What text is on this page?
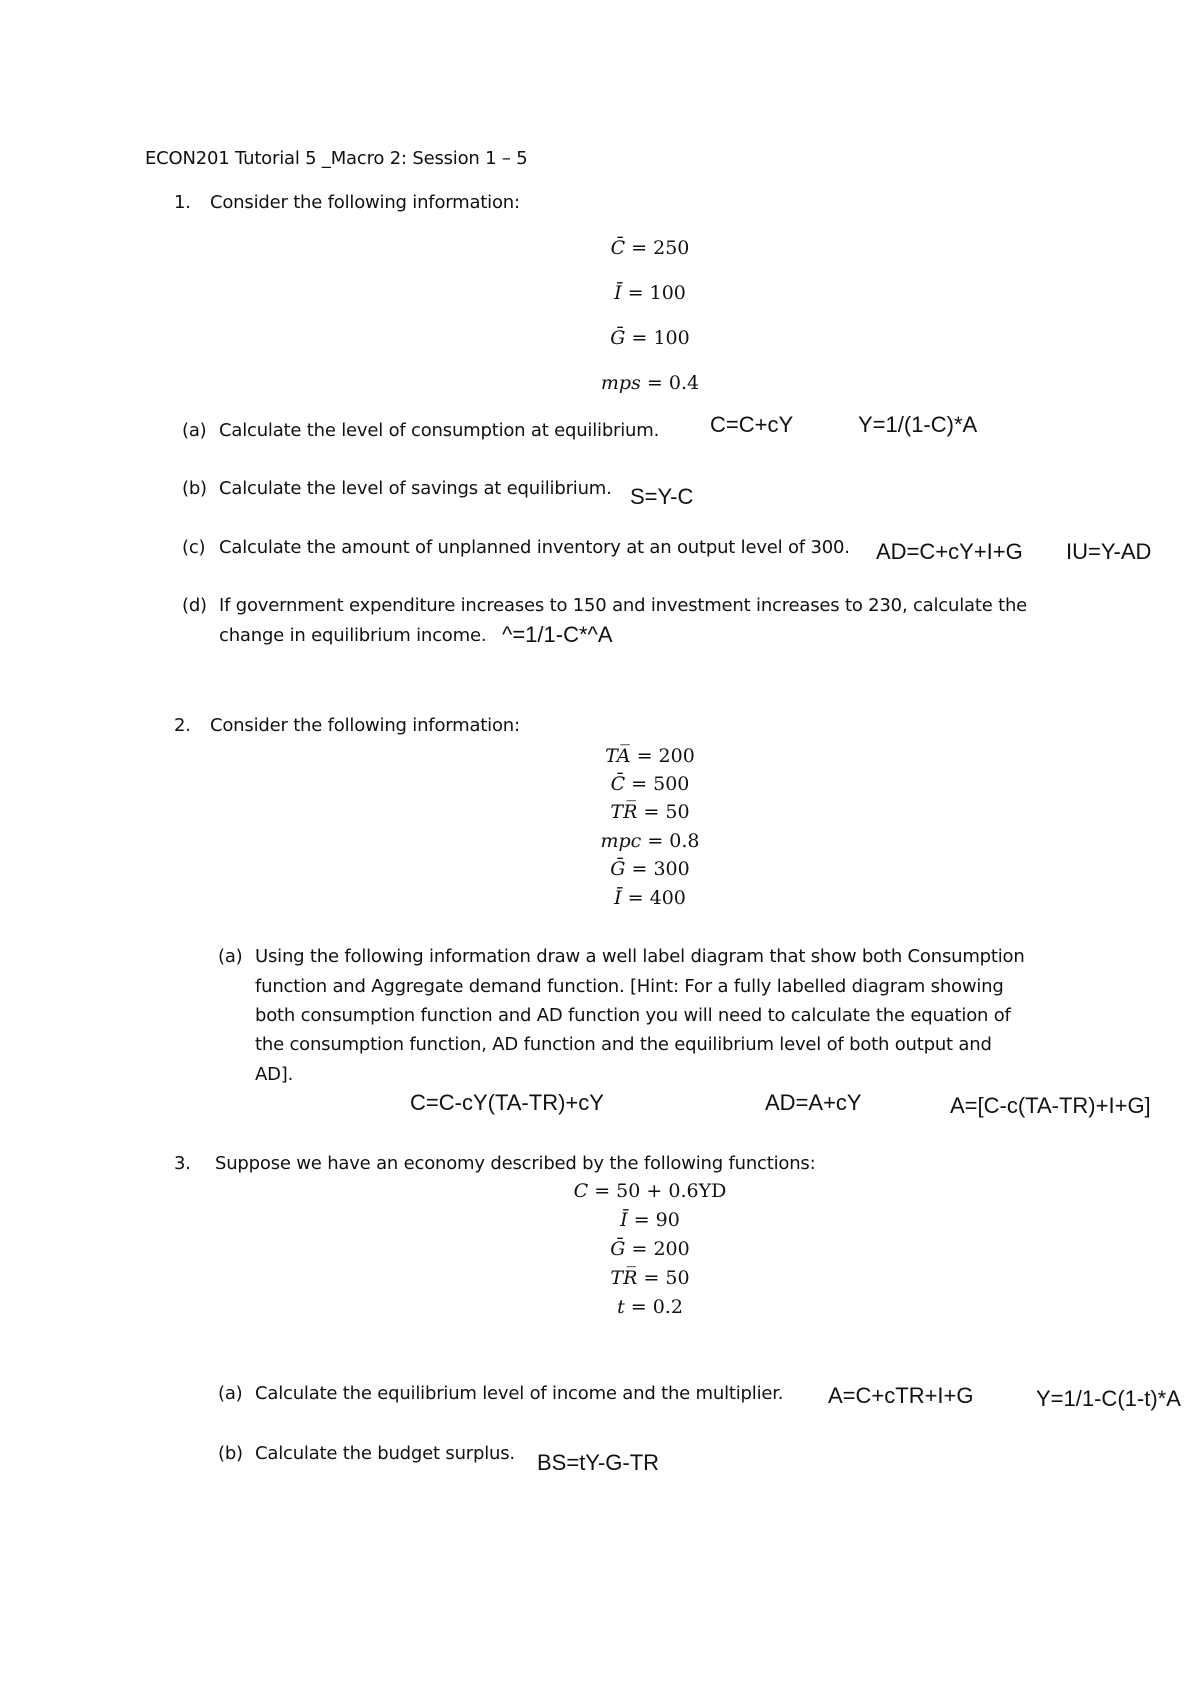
ECON201 Tutorial 5 _Macro 2: Session 1 – 5
1. Consider the following information:
C̄ = 250
Ī = 100
Ḡ = 100
mps = 0.4
(a) Calculate the level of consumption at equilibrium. C=C+cY	Y=1/(1-C)*A
(b) Calculate the level of savings at equilibrium. S=Y-C
(c) Calculate the amount of unplanned inventory at an output level of 300. AD=C+cY+I+G IU=Y-AD
(d) If government expenditure increases to 150 and investment increases to 230, calculate the
change in equilibrium income. ^=1/1-C*^A
2. Consider the following information:
TA̅ = 200
C̄ = 500
TR̅ = 50
mpc = 0.8
Ḡ = 300
Ī = 400
(a) Using the following information draw a well label diagram that show both Consumption
function and Aggregate demand function. [Hint: For a fully labelled diagram showing
both consumption function and AD function you will need to calculate the equation of
the consumption function, AD function and the equilibrium level of both output and
AD].
C=C-cY(TA-TR)+cY	AD=A+cY	A=[C-c(TA-TR)+I+G]
3. Suppose we have an economy described by the following functions:
C = 50 + 0.6YD
Ī = 90
Ḡ = 200
TR̅ = 50
t = 0.2
(a) Calculate the equilibrium level of income and the multiplier. A=C+cTR+I+G	Y=1/1-C(1-t)*A
(b) Calculate the budget surplus. BS=tY-G-TR
